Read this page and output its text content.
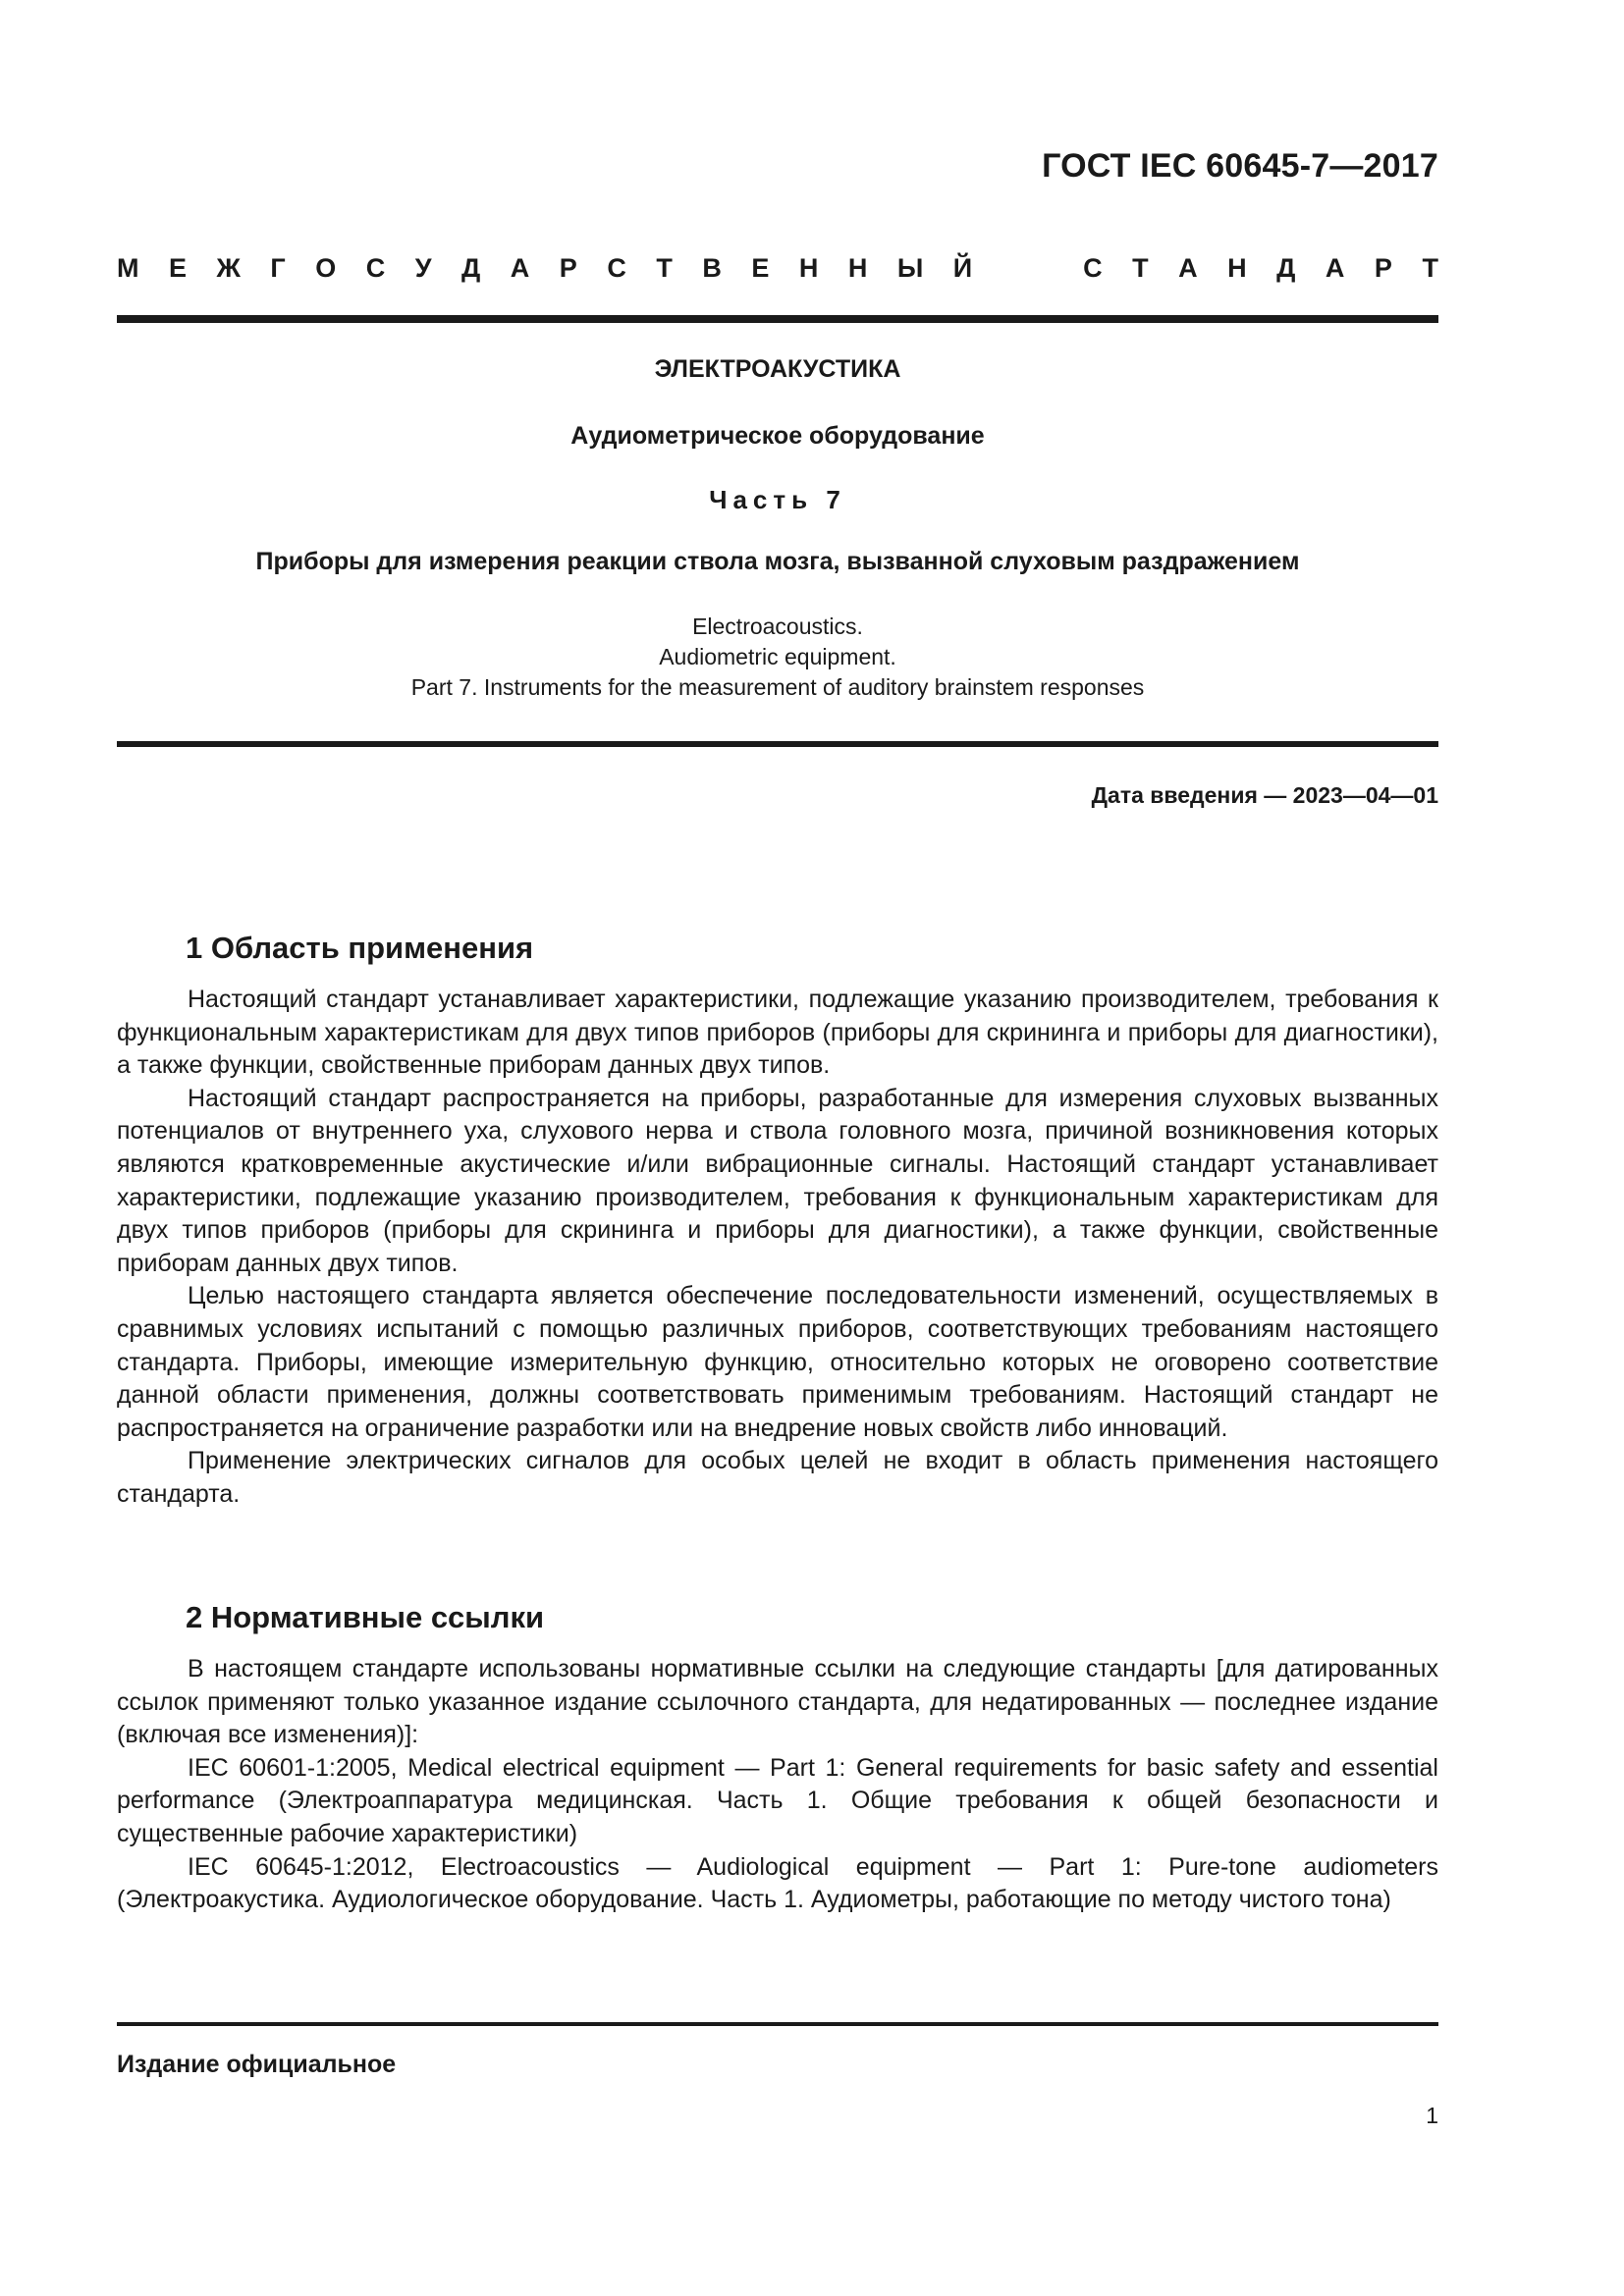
ГОСТ IEC 60645-7—2017
М Е Ж Г О С У Д А Р С Т В Е Н Н Ы Й	С Т А Н Д А Р Т
ЭЛЕКТРОАКУСТИКА
Аудиометрическое оборудование
Часть 7
Приборы для измерения реакции ствола мозга, вызванной слуховым раздражением
Electroacoustics.
Audiometric equipment.
Part 7. Instruments for the measurement of auditory brainstem responses
Дата введения — 2023—04—01
1 Область применения

Настоящий стандарт устанавливает характеристики, подлежащие указанию производителем, требования к функциональным характеристикам для двух типов приборов (приборы для скрининга и приборы для диагностики), а также функции, свойственные приборам данных двух типов.

Настоящий стандарт распространяется на приборы, разработанные для измерения слуховых вызванных потенциалов от внутреннего уха, слухового нерва и ствола головного мозга, причиной возникновения которых являются кратковременные акустические и/или вибрационные сигналы. Настоящий стандарт устанавливает характеристики, подлежащие указанию производителем, требования к функциональным характеристикам для двух типов приборов (приборы для скрининга и приборы для диагностики), а также функции, свойственные приборам данных двух типов.

Целью настоящего стандарта является обеспечение последовательности изменений, осуществляемых в сравнимых условиях испытаний с помощью различных приборов, соответствующих требованиям настоящего стандарта. Приборы, имеющие измерительную функцию, относительно которых не оговорено соответствие данной области применения, должны соответствовать применимым требованиям. Настоящий стандарт не распространяется на ограничение разработки или на внедрение новых свойств либо инноваций.

Применение электрических сигналов для особых целей не входит в область применения настоящего стандарта.

2 Нормативные ссылки

В настоящем стандарте использованы нормативные ссылки на следующие стандарты [для датированных ссылок применяют только указанное издание ссылочного стандарта, для недатированных — последнее издание (включая все изменения)]:

IEC 60601-1:2005, Medical electrical equipment — Part 1: General requirements for basic safety and essential performance (Электроаппаратура медицинская. Часть 1. Общие требования к общей безопасности и существенные рабочие характеристики)

IEC 60645-1:2012, Electroacoustics — Audiological equipment — Part 1: Pure-tone audiometers (Электроакустика. Аудиологическое оборудование. Часть 1. Аудиометры, работающие по методу чистого тона)

Издание официальное
1
